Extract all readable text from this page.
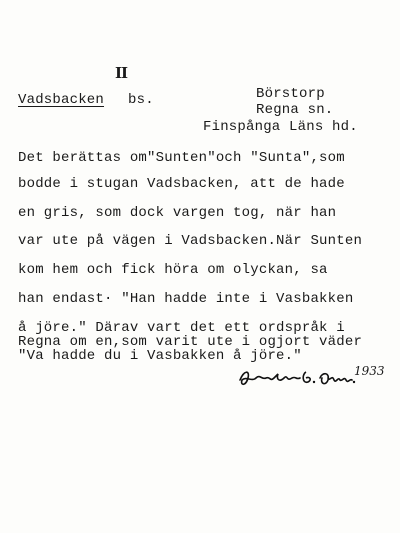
II
Vadsbacken bs.	Börstorp
Regna sn.
Finspånga Läns hd.
Det berättas om"Sunten"och "Sunta",som
bodde i stugan Vadsbacken, att de hade
en gris, som dock vargen tog, när han
var ute på vägen i Vadsbacken.När Sunten
kom hem och fick höra om olyckan, sa
han endast· "Han hadde inte i Vasbakken
å jöre." Därav vart det ett ordspråk i
Regna om en,som varit ute i ogjort väder
"Va hadde du i Vasbakken å jöre."
1933
